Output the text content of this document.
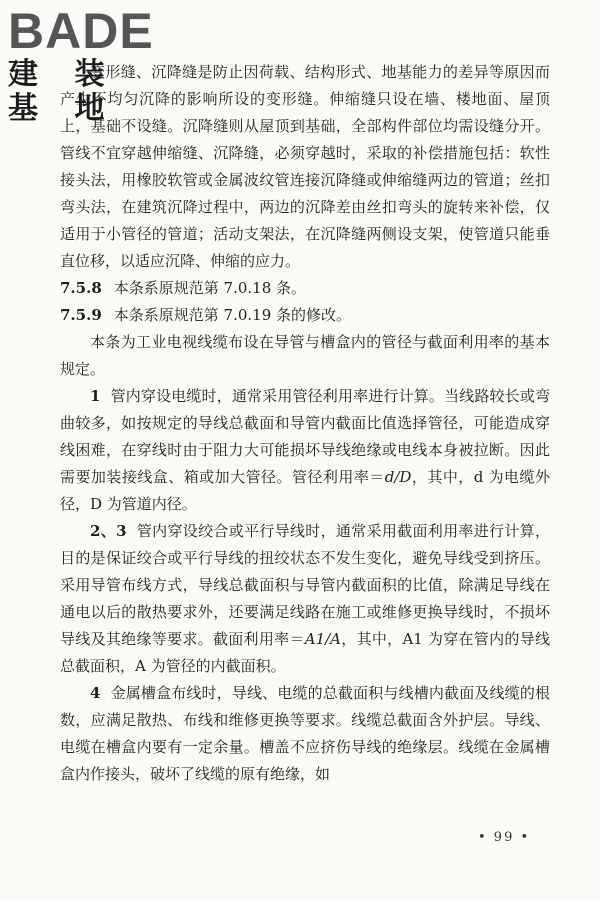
BADE
建 装 基 地

变形缝、沉降缝是防止因荷载、结构形式、地基能力的差异等原因而产生不均匀沉降的影响所设的变形缝。伸缩缝只设在墙、楼地面、屋顶上，基础不设缝。沉降缝则从屋顶到基础，全部构件部位均需设缝分开。管线不宜穿越伸缩缝、沉降缝，必须穿越时，采取的补偿措施包括：软性接头法，用橡胶软管或金属波纹管连接沉降缝或伸缩缝两边的管道；丝扣弯头法，在建筑沉降过程中，两边的沉降差由丝扣弯头的旋转来补偿，仅适用于小管径的管道；活动支架法，在沉降缝两侧设支架，使管道只能垂直位移，以适应沉降、伸缩的应力。

7.5.8 本条系原规范第 7.0.18 条。

7.5.9 本条系原规范第 7.0.19 条的修改。

本条为工业电视线缆布设在导管与槽盒内的管径与截面利用率的基本规定。

1 管内穿设电缆时，通常采用管径利用率进行计算。当线路较长或弯曲较多，如按规定的导线总截面和导管内截面比值选择管径，可能造成穿线困难，在穿线时由于阻力大可能损坏导线绝缘或电线本身被拉断。因此需要加装接线盒、箱或加大管径。管径利用率＝d/D，其中，d 为电缆外径，D 为管道内径。

2、3 管内穿设绞合或平行导线时，通常采用截面利用率进行计算，目的是保证绞合或平行导线的扭绞状态不发生变化，避免导线受到挤压。采用导管布线方式，导线总截面积与导管内截面积的比值，除满足导线在通电以后的散热要求外，还要满足线路在施工或维修更换导线时，不损坏导线及其绝缘等要求。截面利用率＝A1/A，其中，A1 为穿在管内的导线总截面积，A 为管径的内截面积。

4 金属槽盒布线时，导线、电缆的总截面积与线槽内截面及线缆的根数，应满足散热、布线和维修更换等要求。线缆总截面含外护层。导线、电缆在槽盒内要有一定余量。槽盖不应挤伤导线的绝缘层。线缆在金属槽盒内作接头，破坏了线缆的原有绝缘，如

• 99 •
